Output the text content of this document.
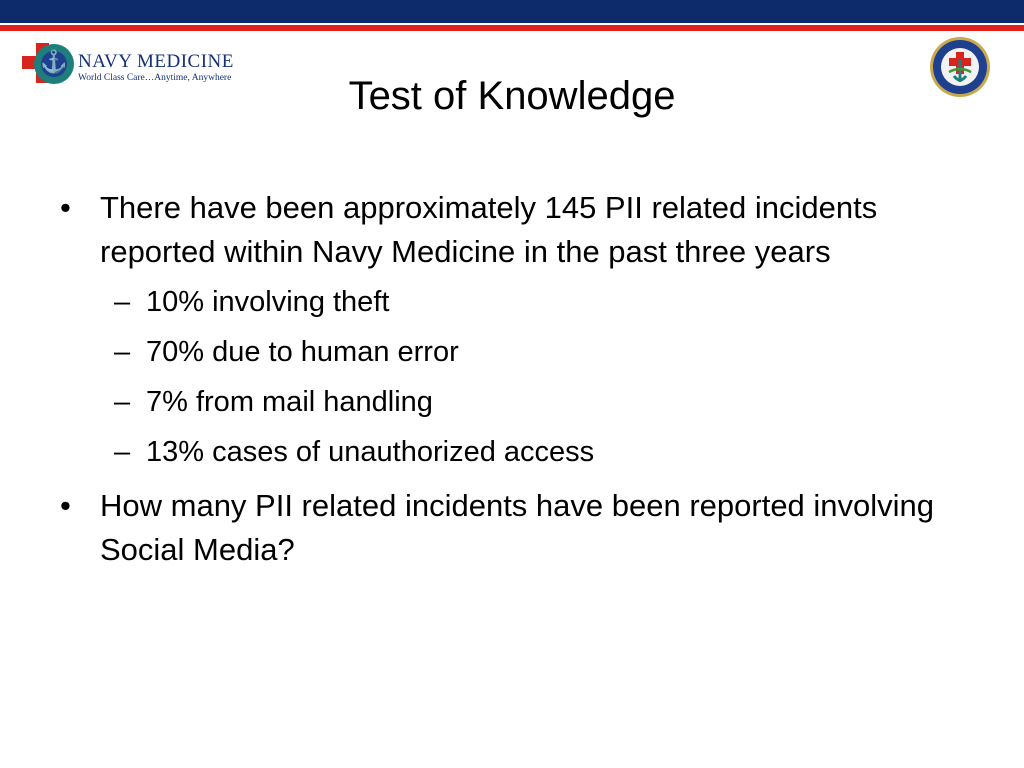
⚓ NAVY MEDICINE
World Class Care…Anytime, Anywhere	Test of Knowledge
• There have been approximately 145 PII related incidents reported within Navy Medicine in the past three years
– 10% involving theft
– 70% due to human error
– 7% from mail handling
– 13% cases of unauthorized access
• How many PII related incidents have been reported involving Social Media?
